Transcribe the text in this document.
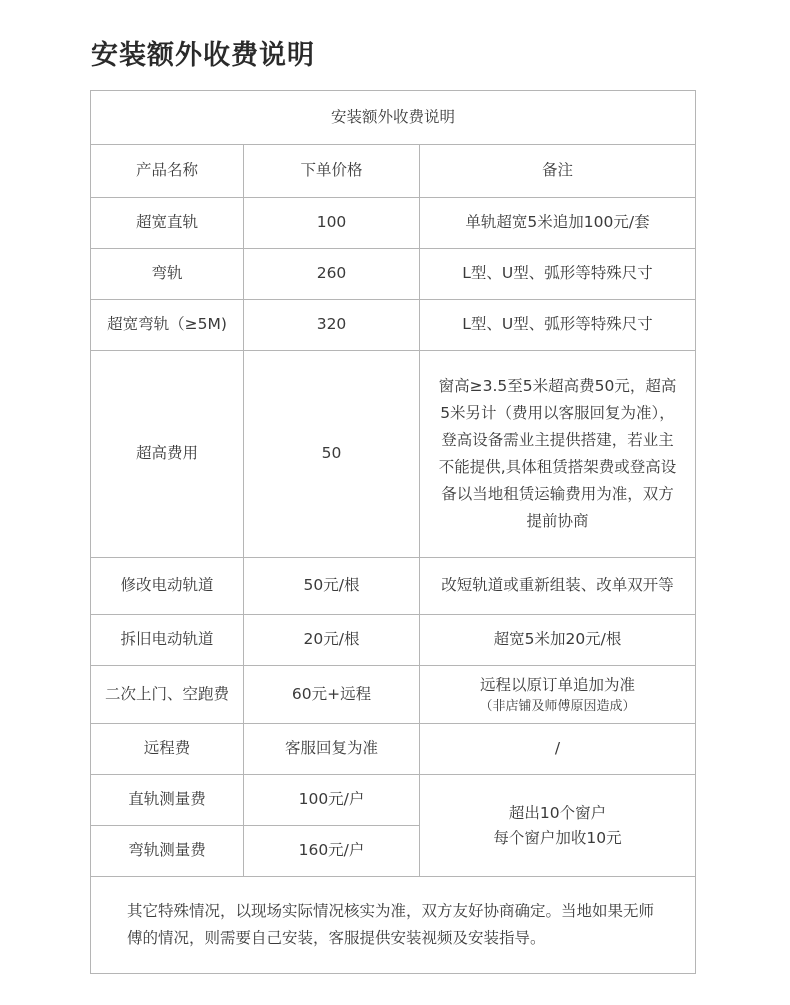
安装额外收费说明
安装额外收费说明		
产品名称	下单价格	备注
超宽直轨	100	单轨超宽5米追加100元/套
弯轨	260	L型、U型、弧形等特殊尺寸
超宽弯轨（≥5M)	320	L型、U型、弧形等特殊尺寸
超高费用	50	窗高≥3.5至5米超高费50元，超高5米另计（费用以客服回复为准），登高设备需业主提供搭建，若业主不能提供,具体租赁搭架费或登高设备以当地租赁运输费用为准，双方提前协商
修改电动轨道	50元/根	改短轨道或重新组装、改单双开等
拆旧电动轨道	20元/根	超宽5米加20元/根
二次上门、空跑费	60元+远程	远程以原订单追加为准
（非店铺及师傅原因造成）

远程费	客服回复为准	/
直轨测量费	100元/户	超出10个窗户
每个窗户加收10元

弯轨测量费	160元/户	
其它特殊情况，以现场实际情况核实为准，双方友好协商确定。当地如果无师傅的情况，则需要自己安装，客服提供安装视频及安装指导。		
